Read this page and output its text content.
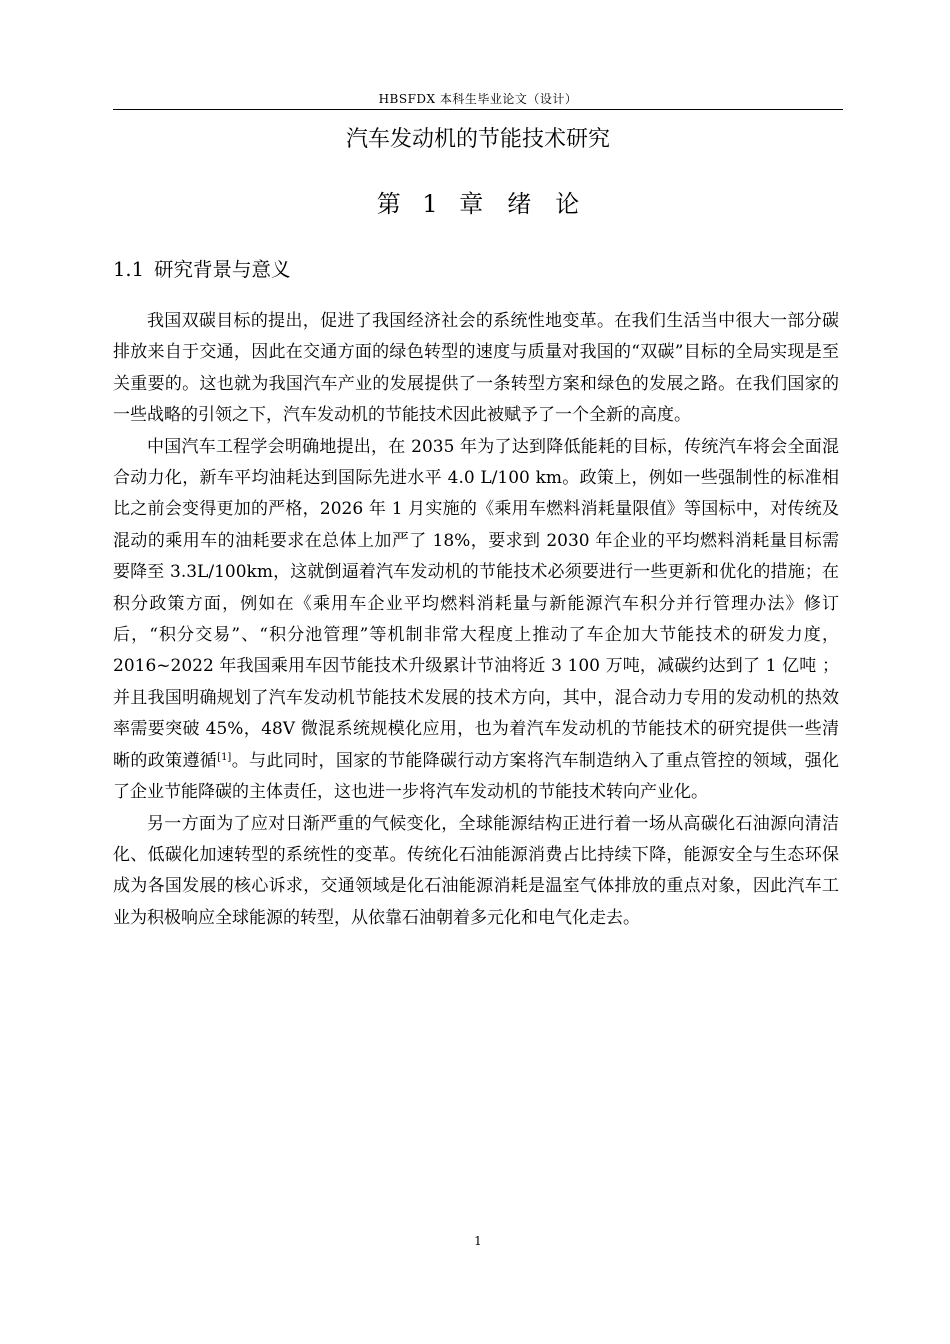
HBSFDX 本科生毕业论文（设计）
汽车发动机的节能技术研究
第 1 章　绪　论
1.1 研究背景与意义

我国双碳目标的提出，促进了我国经济社会的系统性地变革。在我们生活当中很大一部分碳排放来自于交通，因此在交通方面的绿色转型的速度与质量对我国的“双碳”目标的全局实现是至关重要的。这也就为我国汽车产业的发展提供了一条转型方案和绿色的发展之路。在我们国家的一些战略的引领之下，汽车发动机的节能技术因此被赋予了一个全新的高度。

中国汽车工程学会明确地提出，在 2035 年为了达到降低能耗的目标，传统汽车将会全面混合动力化，新车平均油耗达到国际先进水平 4.0 L/100 km。政策上，例如一些强制性的标准相比之前会变得更加的严格，2026 年 1 月实施的《乘用车燃料消耗量限值》等国标中，对传统及混动的乘用车的油耗要求在总体上加严了 18%，要求到 2030 年企业的平均燃料消耗量目标需要降至 3.3L/100km，这就倒逼着汽车发动机的节能技术必须要进行一些更新和优化的措施；在积分政策方面，例如在《乘用车企业平均燃料消耗量与新能源汽车积分并行管理办法》修订后，“积分交易”、“积分池管理”等机制非常大程度上推动了车企加大节能技术的研发力度，2016~2022 年我国乘用车因节能技术升级累计节油将近 3 100 万吨，减碳约达到了 1 亿吨 ；并且我国明确规划了汽车发动机节能技术发展的技术方向，其中，混合动力专用的发动机的热效率需要突破 45%，48V 微混系统规模化应用，也为着汽车发动机的节能技术的研究提供一些清晰的政策遵循[1]。与此同时，国家的节能降碳行动方案将汽车制造纳入了重点管控的领域，强化了企业节能降碳的主体责任，这也进一步将汽车发动机的节能技术转向产业化。

另一方面为了应对日渐严重的气候变化，全球能源结构正进行着一场从高碳化石油源向清洁化、低碳化加速转型的系统性的变革。传统化石油能源消费占比持续下降，能源安全与生态环保成为各国发展的核心诉求，交通领域是化石油能源消耗是温室气体排放的重点对象，因此汽车工业为积极响应全球能源的转型，从依靠石油朝着多元化和电气化走去。

1
